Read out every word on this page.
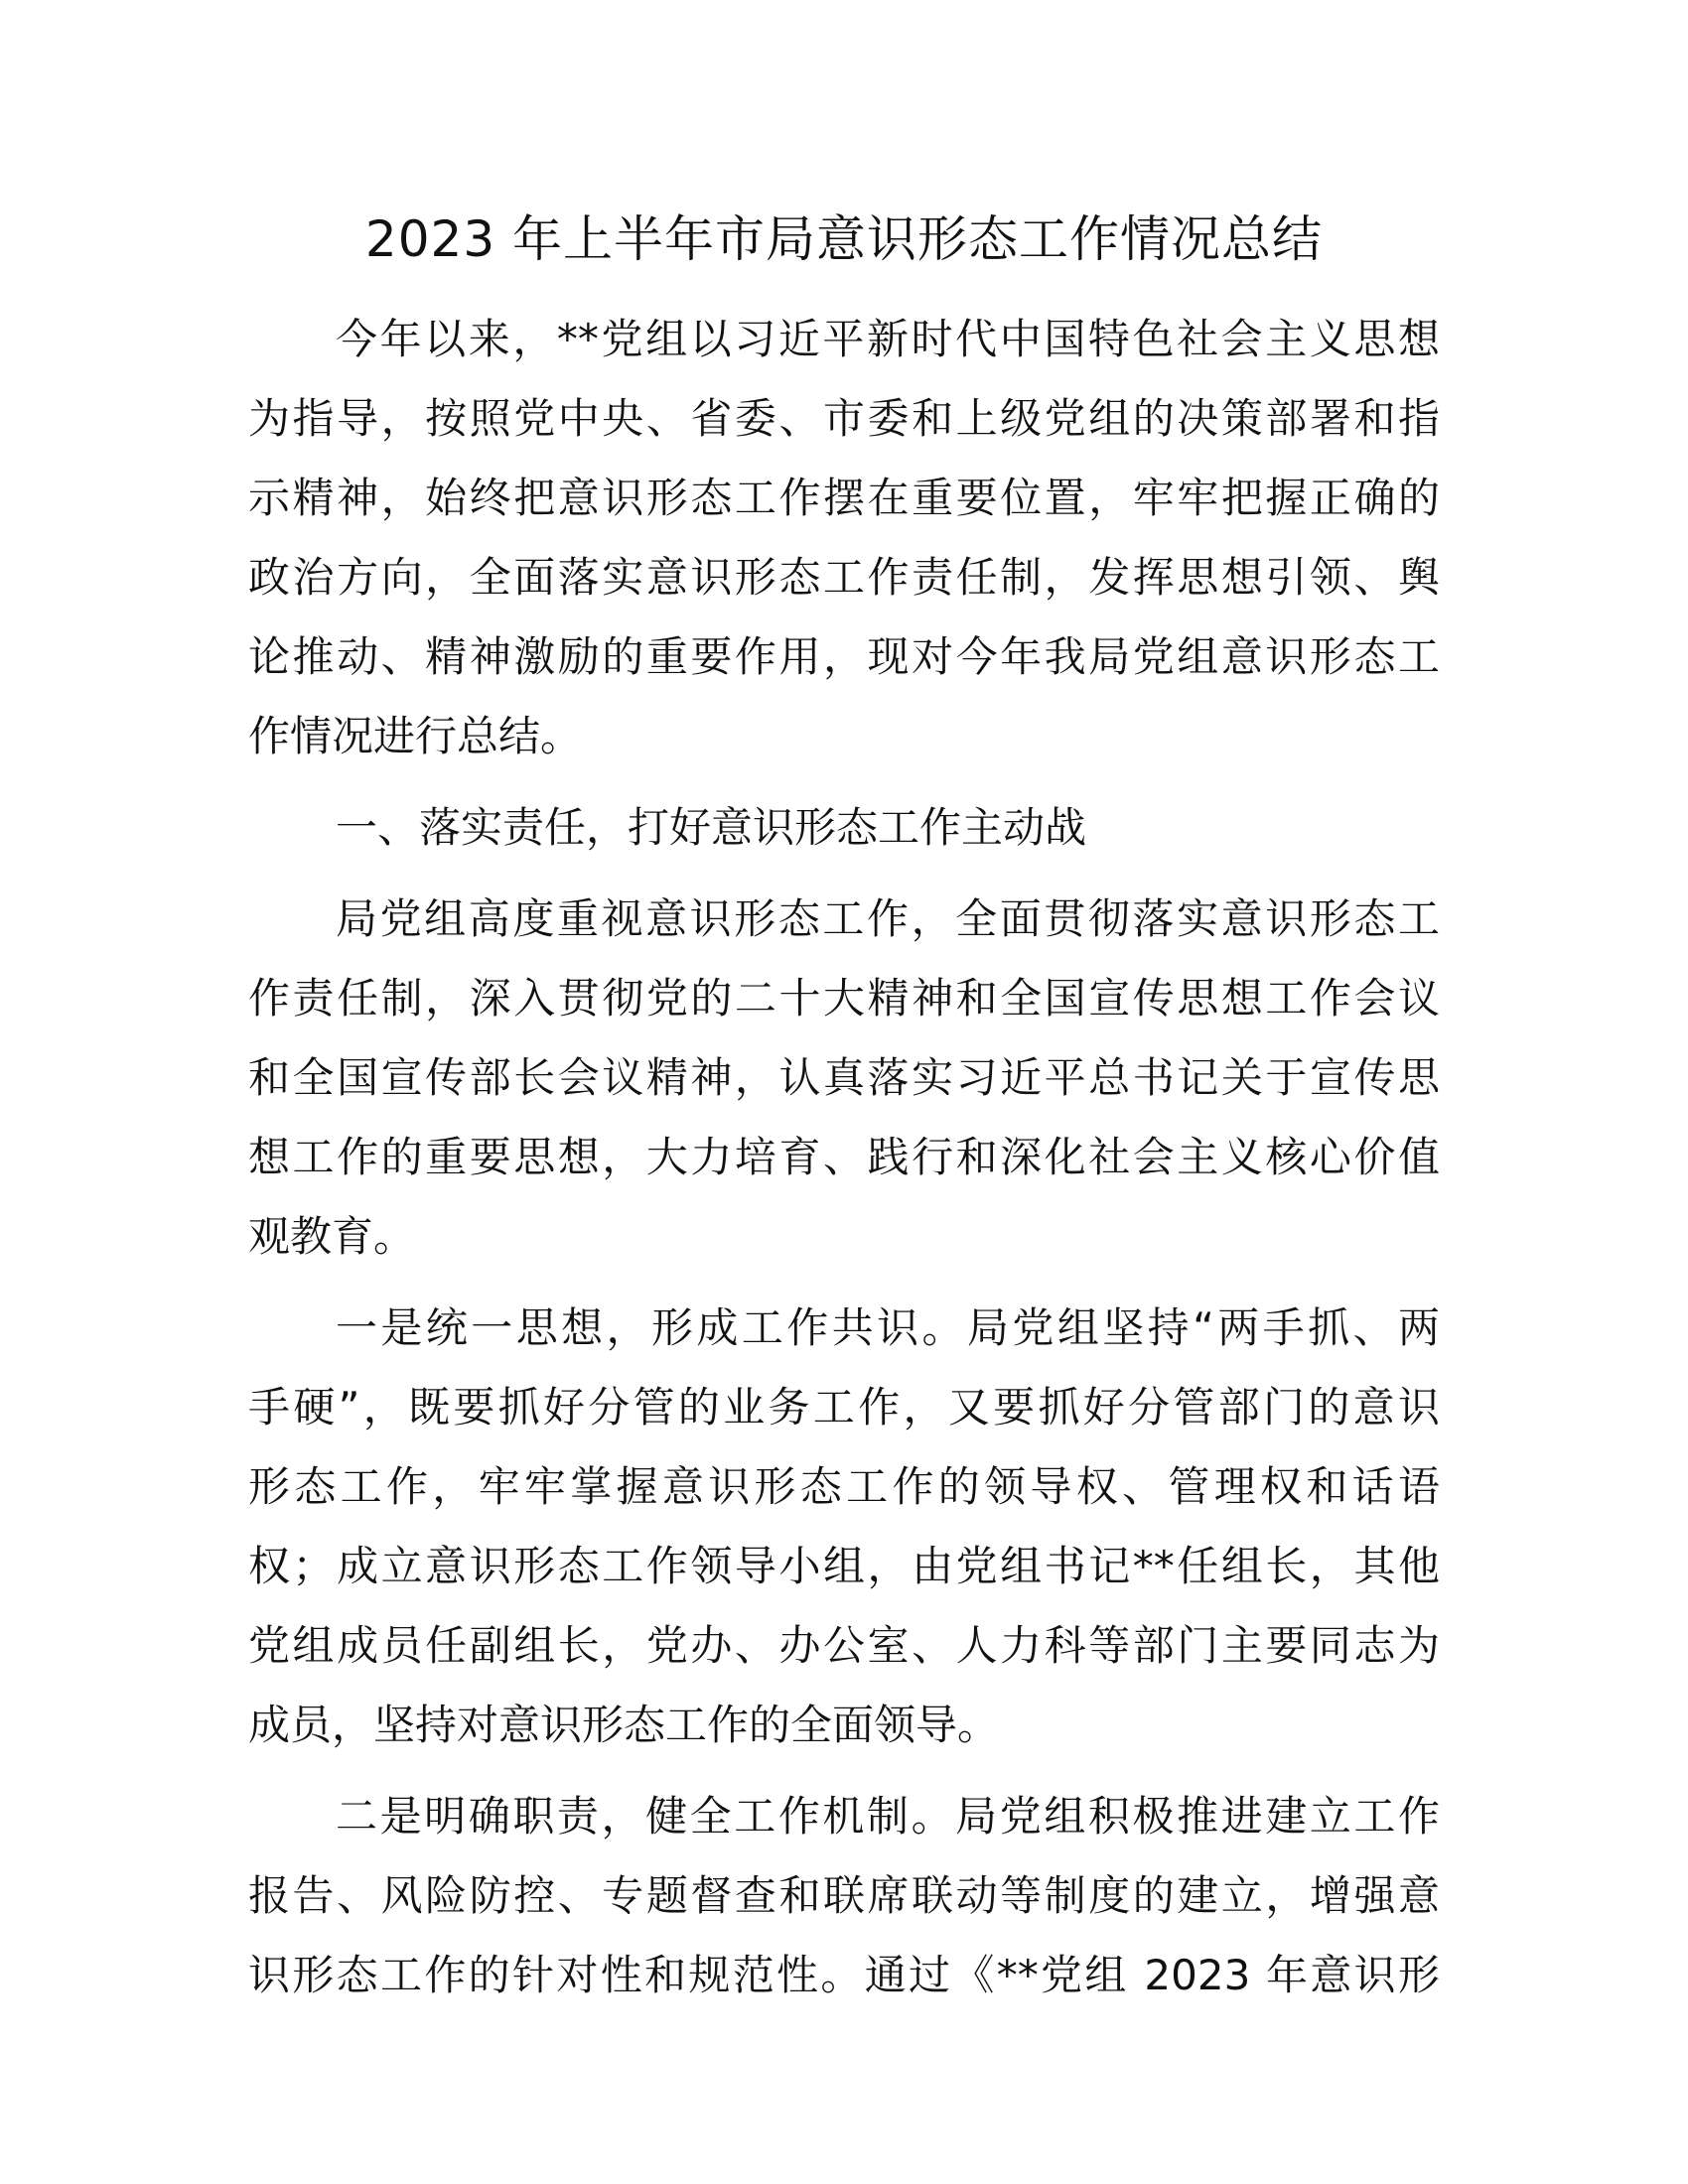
2023 年上半年市局意识形态工作情况总结

今年以来，**党组以习近平新时代中国特色社会主义思想
为指导，按照党中央、省委、市委和上级党组的决策部署和指
示精神，始终把意识形态工作摆在重要位置，牢牢把握正确的
政治方向，全面落实意识形态工作责任制，发挥思想引领、舆
论推动、精神激励的重要作用，现对今年我局党组意识形态工
作情况进行总结。

一、落实责任，打好意识形态工作主动战

局党组高度重视意识形态工作，全面贯彻落实意识形态工
作责任制，深入贯彻党的二十大精神和全国宣传思想工作会议
和全国宣传部长会议精神，认真落实习近平总书记关于宣传思
想工作的重要思想，大力培育、践行和深化社会主义核心价值
观教育。

一是统一思想，形成工作共识。局党组坚持“两手抓、两
手硬”，既要抓好分管的业务工作，又要抓好分管部门的意识
形态工作，牢牢掌握意识形态工作的领导权、管理权和话语
权；成立意识形态工作领导小组，由党组书记**任组长，其他
党组成员任副组长，党办、办公室、人力科等部门主要同志为
成员，坚持对意识形态工作的全面领导。

二是明确职责，健全工作机制。局党组积极推进建立工作
报告、风险防控、专题督查和联席联动等制度的建立，增强意
识形态工作的针对性和规范性。通过《**党组 2023 年意识形
